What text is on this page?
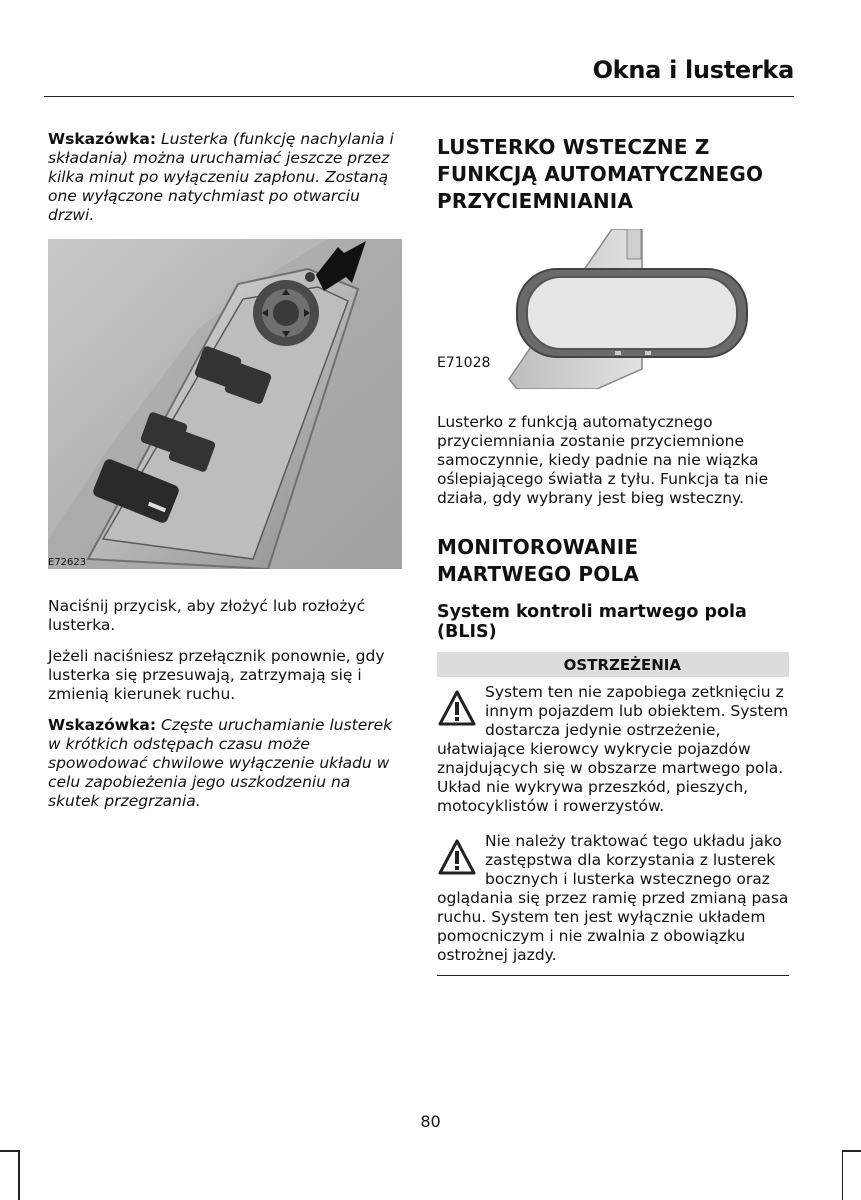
Okna i lusterka

Wskazówka: Lusterka (funkcję nachylania i składania) można uruchamiać jeszcze przez kilka minut po wyłączeniu zapłonu. Zostaną one wyłączone natychmiast po otwarciu drzwi.

E72623

Naciśnij przycisk, aby złożyć lub rozłożyć lusterka.

Jeżeli naciśniesz przełącznik ponownie, gdy lusterka się przesuwają, zatrzymają się i zmienią kierunek ruchu.

Wskazówka: Częste uruchamianie lusterek w krótkich odstępach czasu może spowodować chwilowe wyłączenie układu w celu zapobieżenia jego uszkodzeniu na skutek przegrzania.

LUSTERKO WSTECZNE Z FUNKCJĄ AUTOMATYCZNEGO PRZYCIEMNIANIA
E71028

Lusterko z funkcją automatycznego przyciemniania zostanie przyciemnione samoczynnie, kiedy padnie na nie wiązka oślepiającego światła z tyłu. Funkcja ta nie działa, gdy wybrany jest bieg wsteczny.

MONITOROWANIE MARTWEGO POLA
System kontroli martwego pola (BLIS)
OSTRZEŻENIA

System ten nie zapobiega zetknięciu z innym pojazdem lub obiektem. System dostarcza jedynie ostrzeżenie, ułatwiające kierowcy wykrycie pojazdów znajdujących się w obszarze martwego pola. Układ nie wykrywa przeszkód, pieszych, motocyklistów i rowerzystów.

Nie należy traktować tego układu jako zastępstwa dla korzystania z lusterek bocznych i lusterka wstecznego oraz oglądania się przez ramię przed zmianą pasa ruchu. System ten jest wyłącznie układem pomocniczym i nie zwalnia z obowiązku ostrożnej jazdy.

80
